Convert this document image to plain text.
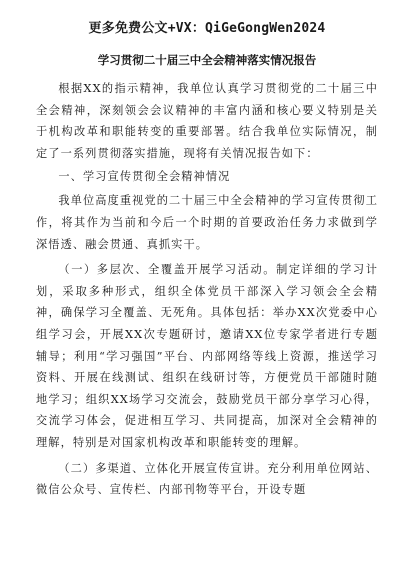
更多免费公文+VX：QiGeGongWen2024
学习贯彻二十届三中全会精神落实情况报告

根据XX的指示精神，我单位认真学习贯彻党的二十届三中全会精神，深刻领会会议精神的丰富内涵和核心要义特别是关于机构改革和职能转变的重要部署。结合我单位实际情况，制定了一系列贯彻落实措施，现将有关情况报告如下：

一、学习宣传贯彻全会精神情况

我单位高度重视党的二十届三中全会精神的学习宣传贯彻工作，将其作为当前和今后一个时期的首要政治任务力求做到学深悟透、融会贯通、真抓实干。

（一）多层次、全覆盖开展学习活动。制定详细的学习计划，采取多种形式，组织全体党员干部深入学习领会全会精神，确保学习全覆盖、无死角。具体包括：举办XX次党委中心组学习会，开展XX次专题研讨，邀请XX位专家学者进行专题辅导；利用“学习强国”平台、内部网络等线上资源，推送学习资料、开展在线测试、组织在线研讨等，方便党员干部随时随地学习；组织XX场学习交流会，鼓励党员干部分享学习心得，交流学习体会，促进相互学习、共同提高，加深对全会精神的理解，特别是对国家机构改革和职能转变的理解。

（二）多渠道、立体化开展宣传宣讲。充分利用单位网站、微信公众号、宣传栏、内部刊物等平台，开设专题
